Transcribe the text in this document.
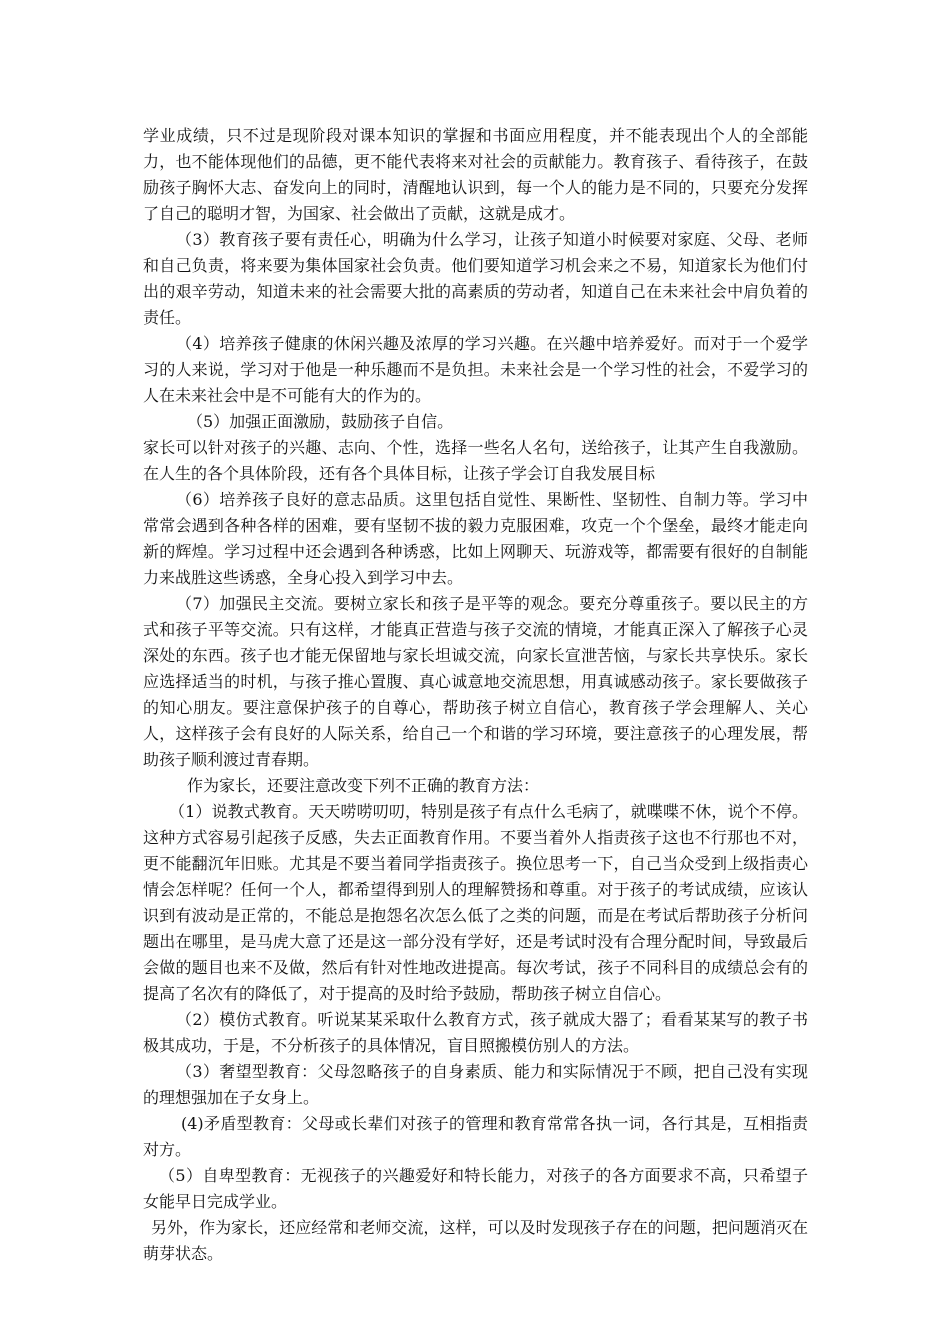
学业成绩，只不过是现阶段对课本知识的掌握和书面应用程度，并不能表现出个人的全部能力，也不能体现他们的品德，更不能代表将来对社会的贡献能力。教育孩子、看待孩子，在鼓励孩子胸怀大志、奋发向上的同时，清醒地认识到，每一个人的能力是不同的，只要充分发挥了自己的聪明才智，为国家、社会做出了贡献，这就是成才。

（3）教育孩子要有责任心，明确为什么学习，让孩子知道小时候要对家庭、父母、老师和自己负责，将来要为集体国家社会负责。他们要知道学习机会来之不易，知道家长为他们付出的艰辛劳动，知道未来的社会需要大批的高素质的劳动者，知道自己在未来社会中肩负着的责任。

（4）培养孩子健康的休闲兴趣及浓厚的学习兴趣。在兴趣中培养爱好。而对于一个爱学习的人来说，学习对于他是一种乐趣而不是负担。未来社会是一个学习性的社会，不爱学习的人在未来社会中是不可能有大的作为的。

（5）加强正面激励，鼓励孩子自信。

家长可以针对孩子的兴趣、志向、个性，选择一些名人名句，送给孩子，让其产生自我激励。在人生的各个具体阶段，还有各个具体目标，让孩子学会订自我发展目标

（6）培养孩子良好的意志品质。这里包括自觉性、果断性、坚韧性、自制力等。学习中常常会遇到各种各样的困难，要有坚韧不拔的毅力克服困难，攻克一个个堡垒，最终才能走向新的辉煌。学习过程中还会遇到各种诱惑，比如上网聊天、玩游戏等，都需要有很好的自制能力来战胜这些诱惑，全身心投入到学习中去。

（7）加强民主交流。要树立家长和孩子是平等的观念。要充分尊重孩子。要以民主的方式和孩子平等交流。只有这样，才能真正营造与孩子交流的情境，才能真正深入了解孩子心灵深处的东西。孩子也才能无保留地与家长坦诚交流，向家长宣泄苦恼，与家长共享快乐。家长应选择适当的时机，与孩子推心置腹、真心诚意地交流思想，用真诚感动孩子。家长要做孩子的知心朋友。要注意保护孩子的自尊心，帮助孩子树立自信心，教育孩子学会理解人、关心人，这样孩子会有良好的人际关系，给自己一个和谐的学习环境，要注意孩子的心理发展，帮助孩子顺利渡过青春期。

作为家长，还要注意改变下列不正确的教育方法：

（1）说教式教育。天天唠唠叨叨，特别是孩子有点什么毛病了，就喋喋不休，说个不停。这种方式容易引起孩子反感，失去正面教育作用。不要当着外人指责孩子这也不行那也不对，更不能翻沉年旧账。尤其是不要当着同学指责孩子。换位思考一下，自己当众受到上级指责心情会怎样呢？任何一个人，都希望得到别人的理解赞扬和尊重。对于孩子的考试成绩，应该认识到有波动是正常的，不能总是抱怨名次怎么低了之类的问题，而是在考试后帮助孩子分析问题出在哪里，是马虎大意了还是这一部分没有学好，还是考试时没有合理分配时间，导致最后会做的题目也来不及做，然后有针对性地改进提高。每次考试，孩子不同科目的成绩总会有的提高了名次有的降低了，对于提高的及时给予鼓励，帮助孩子树立自信心。

（2）模仿式教育。听说某某采取什么教育方式，孩子就成大器了；看看某某写的教子书极其成功，于是，不分析孩子的具体情况，盲目照搬模仿别人的方法。

（3）奢望型教育：父母忽略孩子的自身素质、能力和实际情况于不顾，把自己没有实现的理想强加在子女身上。

(4)矛盾型教育：父母或长辈们对孩子的管理和教育常常各执一词，各行其是，互相指责对方。

（5）自卑型教育：无视孩子的兴趣爱好和特长能力，对孩子的各方面要求不高，只希望子女能早日完成学业。

另外，作为家长，还应经常和老师交流，这样，可以及时发现孩子存在的问题，把问题消灭在萌芽状态。
